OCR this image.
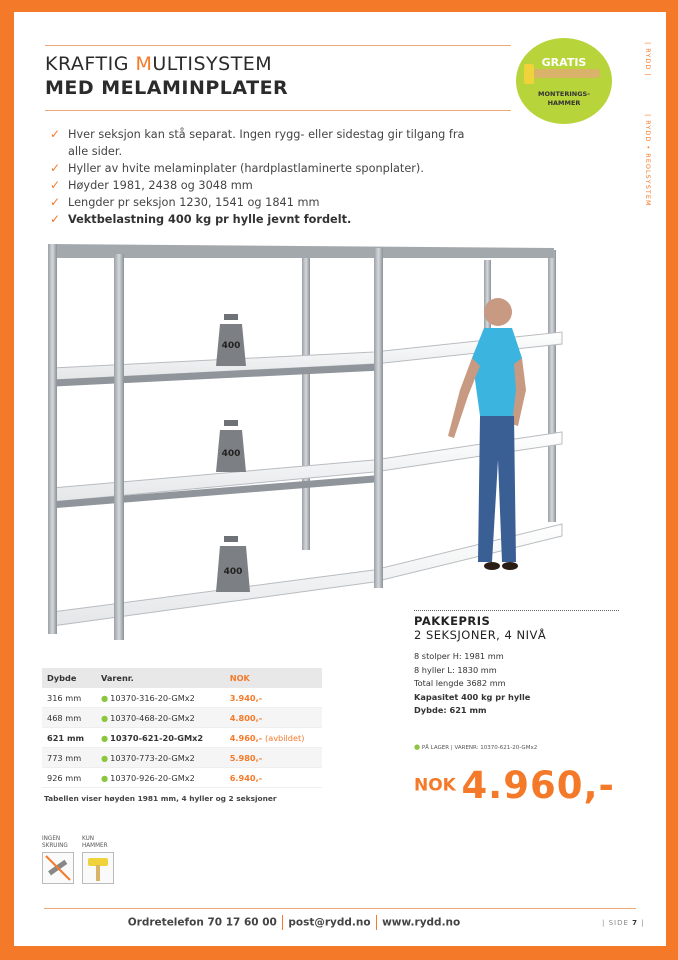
KRAFTIG MULTISYSTEM
MED MELAMINPLATER
GRATIS
MONTERINGS-
HAMMER
| RYDD |
| RYDD • REOLSYSTEM
✓ Hver seksjon kan stå separat. Ingen rygg- eller sidestag gir tilgang fra alle sider.
✓ Hyller av hvite melaminplater (hardplastlaminerte sponplater).
✓ Høyder 1981, 2438 og 3048 mm
✓ Lengder pr seksjon 1230, 1541 og 1841 mm
✓ Vektbelastning 400 kg pr hylle jevnt fordelt.
400
400
400
PAKKEPRIS
2 SEKSJONER, 4 NIVÅ
8 stolper H: 1981 mm
8 hyller L: 1830 mm
Total lengde 3682 mm
Kapasitet 400 kg pr hylle
Dybde: 621 mm
● PÅ LAGER | VAREN​R: 10370-621-20-GMx2
NOK 4.960,-
Dybde	Varenr.	NOK
316 mm	● 10370-316-20-GMx2	3.940,-
468 mm	● 10370-468-20-GMx2	4.800,-
621 mm	● 10370-621-20-GMx2	4.960,- (avbildet)
773 mm	● 10370-773-20-GMx2	5.980,-
926 mm	● 10370-926-20-GMx2	6.940,-
Tabellen viser høyden 1981 mm, 4 hyller og 2 seksjoner
INGEN
SKRUING
KUN
HAMMER
Ordretelefon 70 17 60 00 post@rydd.no www.rydd.no	| SIDE 7 |
